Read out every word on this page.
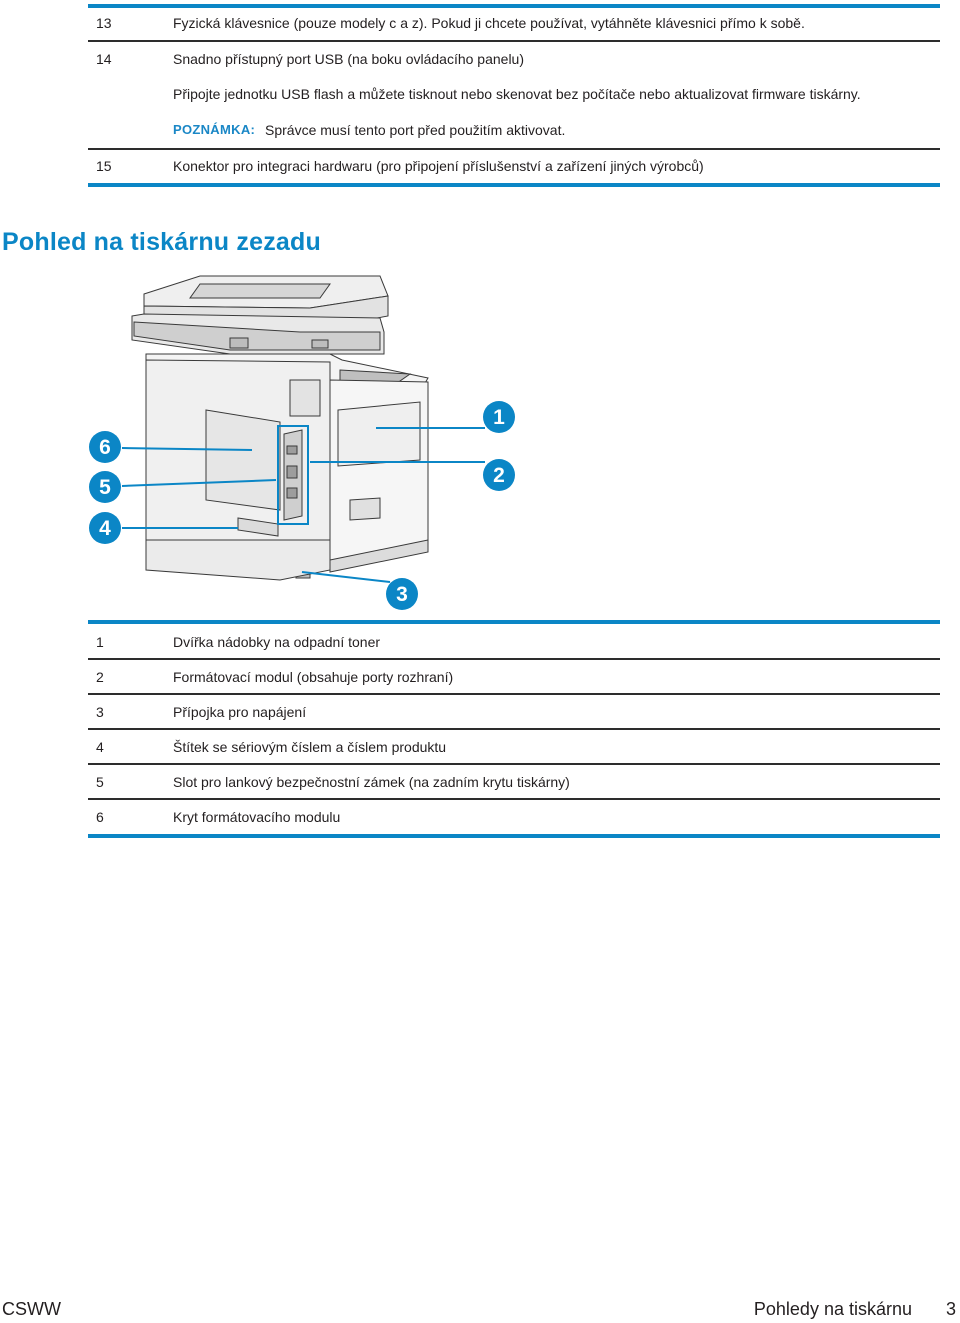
13	Fyzická klávesnice (pouze modely c a z). Pokud ji chcete používat, vytáhněte klávesnici přímo k sobě.
14	Snadno přístupný port USB (na boku ovládacího panelu)
Připojte jednotku USB flash a můžete tisknout nebo skenovat bez počítače nebo aktualizovat firmware tiskárny.
POZNÁMKA: Správce musí tento port před použitím aktivovat.
15	Konektor pro integraci hardwaru (pro připojení příslušenství a zařízení jiných výrobců)
Pohled na tiskárnu zezadu
1
2
3
4
5
6
1	Dvířka nádobky na odpadní toner
2	Formátovací modul (obsahuje porty rozhraní)
3	Přípojka pro napájení
4	Štítek se sériovým číslem a číslem produktu
5	Slot pro lankový bezpečnostní zámek (na zadním krytu tiskárny)
6	Kryt formátovacího modulu
CSWW	Pohledy na tiskárnu 3
